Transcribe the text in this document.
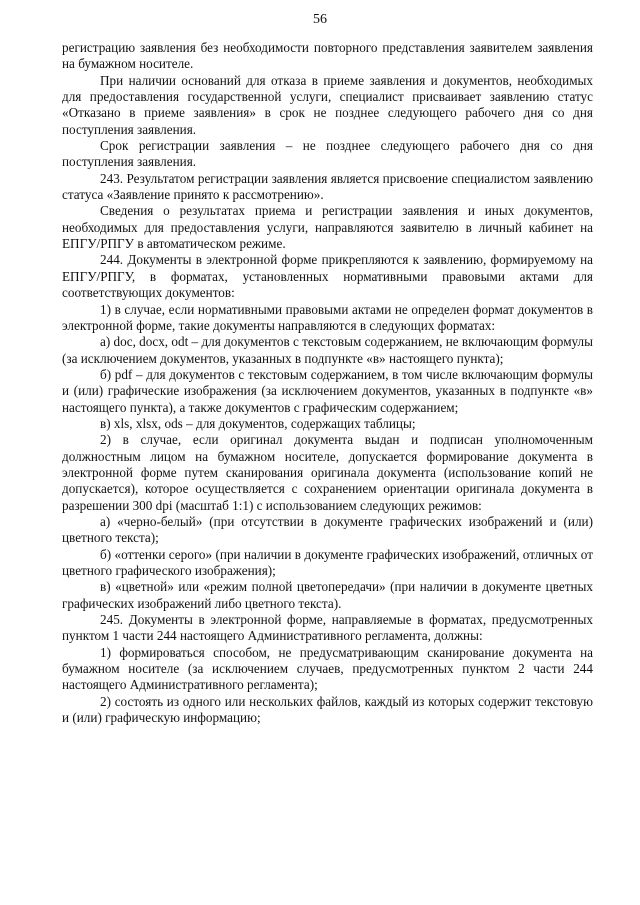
56

регистрацию заявления без необходимости повторного представления заявителем заявления на бумажном носителе.

При наличии оснований для отказа в приеме заявления и документов, необходимых для предоставления государственной услуги, специалист присваивает заявлению статус «Отказано в приеме заявления» в срок не позднее следующего рабочего дня со дня поступления заявления.

Срок регистрации заявления – не позднее следующего рабочего дня со дня поступления заявления.

243. Результатом регистрации заявления является присвоение специалистом заявлению статуса «Заявление принято к рассмотрению».

Сведения о результатах приема и регистрации заявления и иных документов, необходимых для предоставления услуги, направляются заявителю в личный кабинет на ЕПГУ/РПГУ в автоматическом режиме.

244. Документы в электронной форме прикрепляются к заявлению, формируемому на ЕПГУ/РПГУ, в форматах, установленных нормативными правовыми актами для соответствующих документов:

1) в случае, если нормативными правовыми актами не определен формат документов в электронной форме, такие документы направляются в следующих форматах:

а) doc, docx, odt – для документов с текстовым содержанием, не включающим формулы (за исключением документов, указанных в подпункте «в» настоящего пункта);

б) pdf – для документов с текстовым содержанием, в том числе включающим формулы и (или) графические изображения (за исключением документов, указанных в подпункте «в» настоящего пункта), а также документов с графическим содержанием;

в) xls, xlsx, ods – для документов, содержащих таблицы;

2) в случае, если оригинал документа выдан и подписан уполномоченным должностным лицом на бумажном носителе, допускается формирование документа в электронной форме путем сканирования оригинала документа (использование копий не допускается), которое осуществляется с сохранением ориентации оригинала документа в разрешении 300 dpi (масштаб 1:1) с использованием следующих режимов:

а) «черно-белый» (при отсутствии в документе графических изображений и (или) цветного текста);

б) «оттенки серого» (при наличии в документе графических изображений, отличных от цветного графического изображения);

в) «цветной» или «режим полной цветопередачи» (при наличии в документе цветных графических изображений либо цветного текста).

245. Документы в электронной форме, направляемые в форматах, предусмотренных пунктом 1 части 244 настоящего Административного регламента, должны:

1) формироваться способом, не предусматривающим сканирование документа на бумажном носителе (за исключением случаев, предусмотренных пунктом 2 части 244 настоящего Административного регламента);

2) состоять из одного или нескольких файлов, каждый из которых содержит текстовую и (или) графическую информацию;
